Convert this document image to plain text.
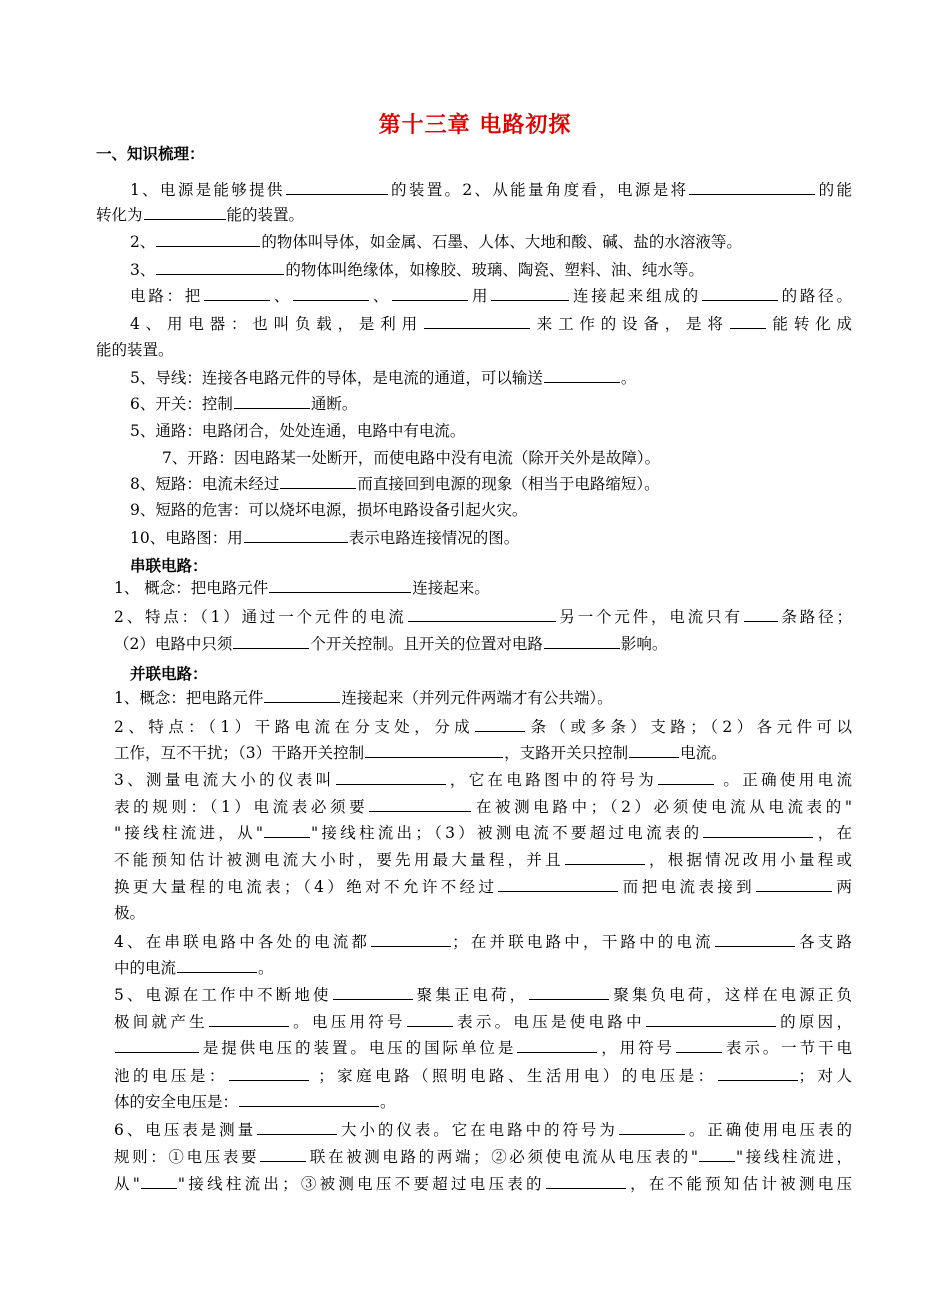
第十三章 电路初探
一、知识梳理：
串联电路：
并联电路：
1、电源是能够提供	的装置。2、从能量角度看，电源是将	的能
转化为	能的装置。
2、	的物体叫导体，如金属、石墨、人体、大地和酸、碱、盐的水溶液等。
3、	的物体叫绝缘体，如橡胶、玻璃、陶瓷、塑料、油、纯水等。
电路：把	、	、	用	连接起来组成的	的路径。
4、用电器：也叫负载，是利用	来工作的设备，是将 能转化成
能的装置。
5、导线：连接各电路元件的导体，是电流的通道，可以输送	。
6、开关：控制	通断。
5、通路：电路闭合，处处连通，电路中有电流。
7、开路：因电路某一处断开，而使电路中没有电流（除开关外是故障）。
8、短路：电流未经过	而直接回到电源的现象（相当于电路缩短）。
9、短路的危害：可以烧坏电源，损坏电路设备引起火灾。
10、电路图：用	表示电路连接情况的图。
1、 概念：把电路元件	连接起来。
2、特点：（1）通过一个元件的电流	另一个元件，电流只有 条路径；
（2）电路中只须	个开关控制。且开关的位置对电路	影响。
1、概念：把电路元件	连接起来（并列元件两端才有公共端）。
2、特点：（1）干路电流在分支处，分成	条（或多条）支路；（2）各元件可以
工作，互不干扰；（3）干路开关控制	，支路开关只控制	电流。
3、测量电流大小的仪表叫	，它在电路图中的符号为	。正确使用电流
表的规则：（1）电流表必须要	在被测电路中；（2）必须使电流从电流表的"
"接线柱流进，从"	"接线柱流出；（3）被测电流不要超过电流表的	，在
不能预知估计被测电流大小时，要先用最大量程，并且	，根据情况改用小量程或
换更大量程的电流表；（4）绝对不允许不经过	而把电流表接到	两
极。
4、在串联电路中各处的电流都	；在并联电路中，干路中的电流	各支路
中的电流	。
5、电源在工作中不断地使	聚集正电荷，	聚集负电荷，这样在电源正负
极间就产生	。电压用符号	表示。电压是使电路中	的原因，
是提供电压的装置。电压的国际单位是	，用符号	表示。一节干电
池的电压是：	；家庭电路（照明电路、生活用电）的电压是：	；对人
体的安全电压是：	。
6、电压表是测量	大小的仪表。它在电路中的符号为	。正确使用电压表的
规则：①电压表要	联在被测电路的两端；②必须使电流从电压表的" "接线柱流进，
从" "接线柱流出；③被测电压不要超过电压表的	，在不能预知估计被测电压
